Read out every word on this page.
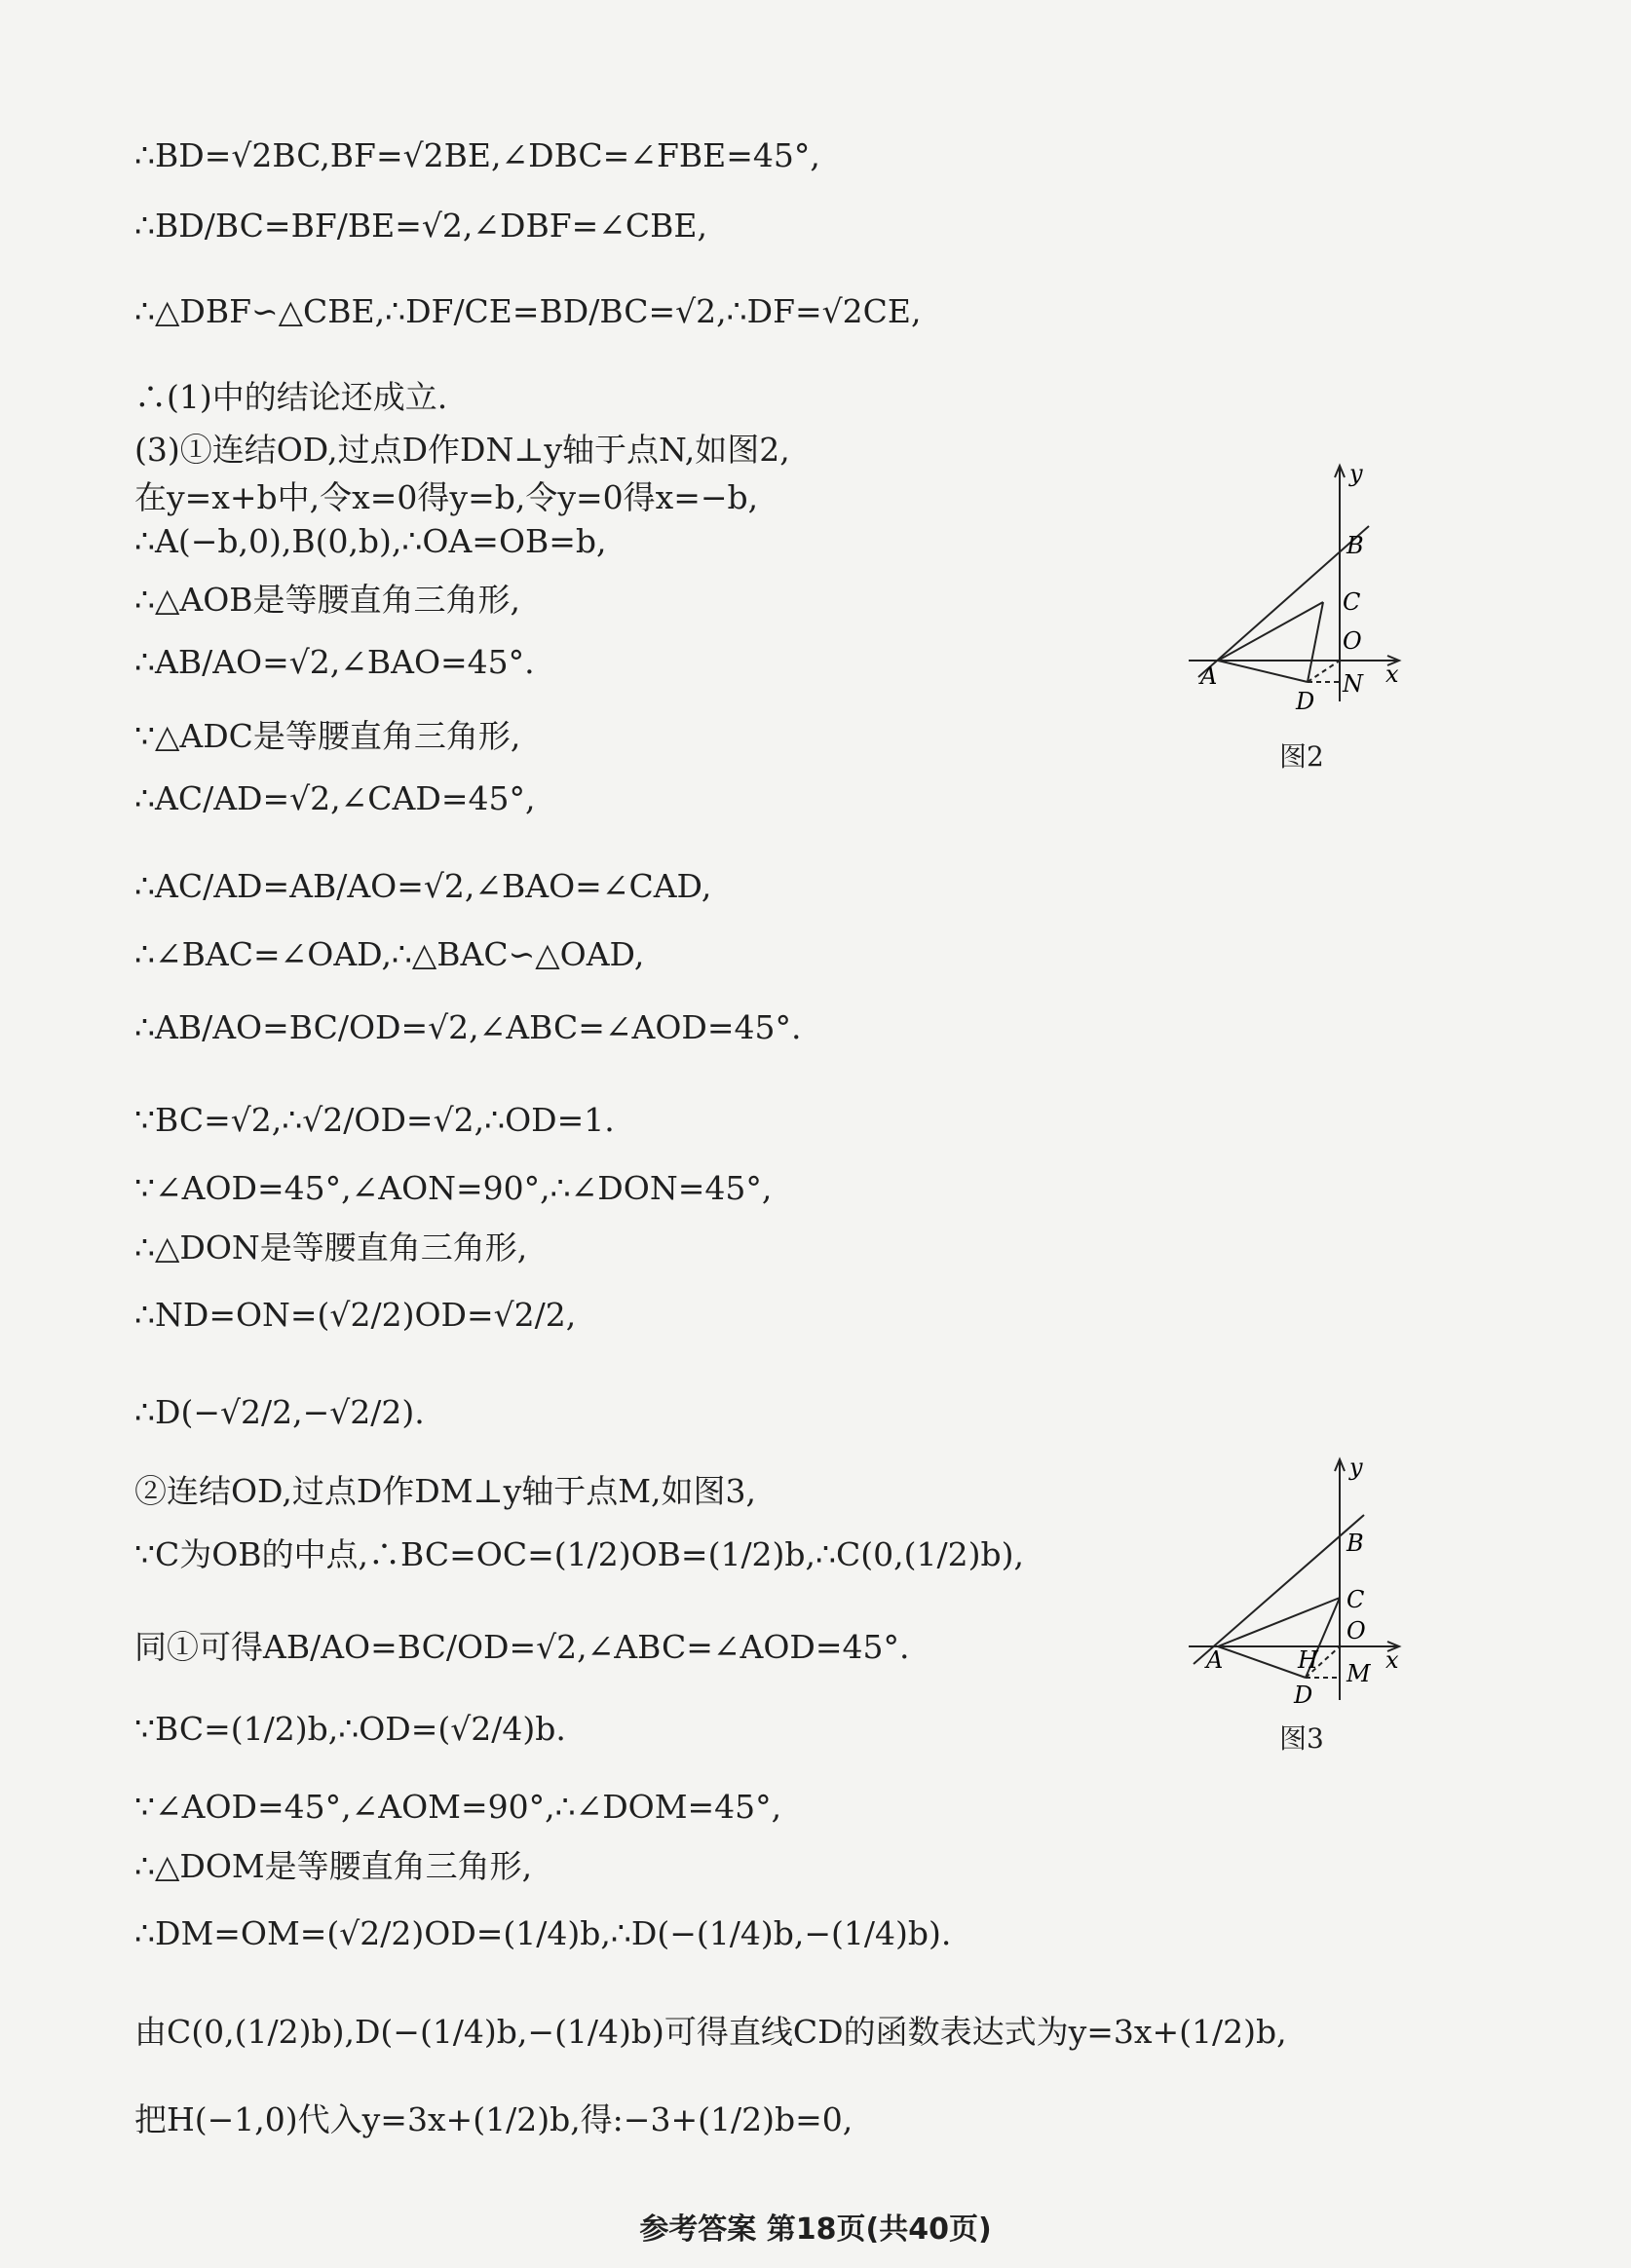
∴BD=√2BC,BF=√2BE,∠DBC=∠FBE=45°,
∴BD/BC=BF/BE=√2,∠DBF=∠CBE,
∴△DBF∽△CBE,∴DF/CE=BD/BC=√2,∴DF=√2CE,
∴(1)中的结论还成立.
(3)①连结OD,过点D作DN⊥y轴于点N,如图2,
在y=x+b中,令x=0得y=b,令y=0得x=−b,
∴A(−b,0),B(0,b),∴OA=OB=b,
∴△AOB是等腰直角三角形,
∴AB/AO=√2,∠BAO=45°.
∵△ADC是等腰直角三角形,
∴AC/AD=√2,∠CAD=45°,
∴AC/AD=AB/AO=√2,∠BAO=∠CAD,
∴∠BAC=∠OAD,∴△BAC∽△OAD,
∴AB/AO=BC/OD=√2,∠ABC=∠AOD=45°.
∵BC=√2,∴√2/OD=√2,∴OD=1.
∵∠AOD=45°,∠AON=90°,∴∠DON=45°,
∴△DON是等腰直角三角形,
∴ND=ON=(√2/2)OD=√2/2,
∴D(−√2/2,−√2/2).
②连结OD,过点D作DM⊥y轴于点M,如图3,
∵C为OB的中点,∴BC=OC=(1/2)OB=(1/2)b,∴C(0,(1/2)b),
同①可得AB/AO=BC/OD=√2,∠ABC=∠AOD=45°.
∵BC=(1/2)b,∴OD=(√2/4)b.
∵∠AOD=45°,∠AOM=90°,∴∠DOM=45°,
∴△DOM是等腰直角三角形,
∴DM=OM=(√2/2)OD=(1/4)b,∴D(−(1/4)b,−(1/4)b).
由C(0,(1/2)b),D(−(1/4)b,−(1/4)b)可得直线CD的函数表达式为y=3x+(1/2)b,
把H(−1,0)代入y=3x+(1/2)b,得:−3+(1/2)b=0,
y
B
C
O
x
A	N
D
图2
y
B
C
O
x
A	H M
D
图3
参考答案 第18页(共40页)
